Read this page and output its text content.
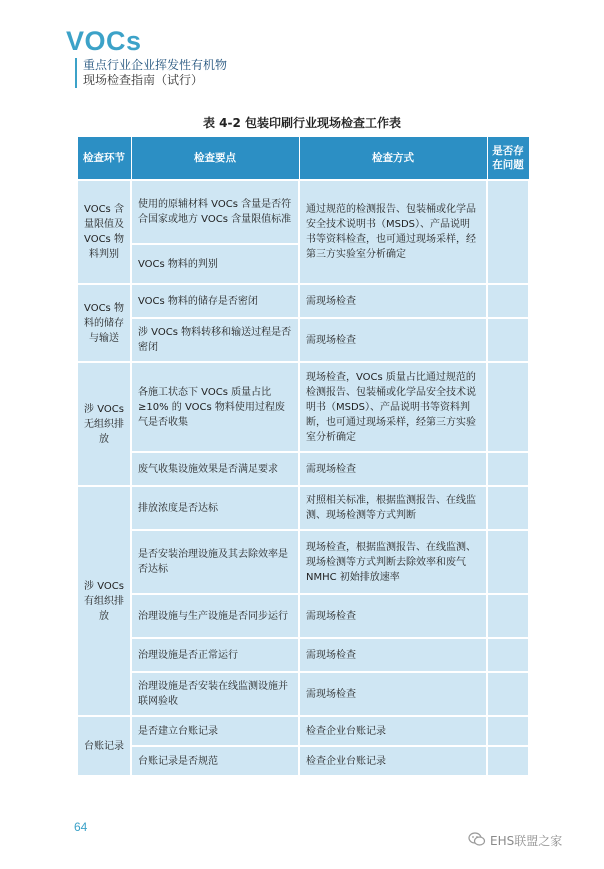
VOCs
重点行业企业挥发性有机物
现场检查指南（试行）
表 4-2 包装印刷行业现场检查工作表
检查环节	检查要点	检查方式	是否存在问题
VOCs 含量限值及VOCs 物料判别	使用的原辅材料 VOCs 含量是否符合国家或地方 VOCs 含量限值标准	通过规范的检测报告、包装桶或化学品安全技术说明书（MSDS）、产品说明书等资料检查，也可通过现场采样，经第三方实验室分析确定	
	VOCs 物料的判别		
VOCs 物料的储存与输送	VOCs 物料的储存是否密闭	需现场检查	
	涉 VOCs 物料转移和输送过程是否密闭	需现场检查	
涉 VOCs 无组织排放	各施工状态下 VOCs 质量占比 ≥10% 的 VOCs 物料使用过程废气是否收集	现场检查，VOCs 质量占比通过规范的检测报告、包装桶或化学品安全技术说明书（MSDS）、产品说明书等资料判断，也可通过现场采样，经第三方实验室分析确定	
	废气收集设施效果是否满足要求	需现场检查	
涉 VOCs 有组织排放	排放浓度是否达标	对照相关标准，根据监测报告、在线监测、现场检测等方式判断	
	是否安装治理设施及其去除效率是否达标	现场检查，根据监测报告、在线监测、现场检测等方式判断去除效率和废气 NMHC 初始排放速率	
	治理设施与生产设施是否同步运行	需现场检查	
	治理设施是否正常运行	需现场检查	
	治理设施是否安装在线监测设施并联网验收	需现场检查	
台账记录	是否建立台账记录	检查企业台账记录	
	台账记录是否规范	检查企业台账记录	
64
EHS联盟之家
